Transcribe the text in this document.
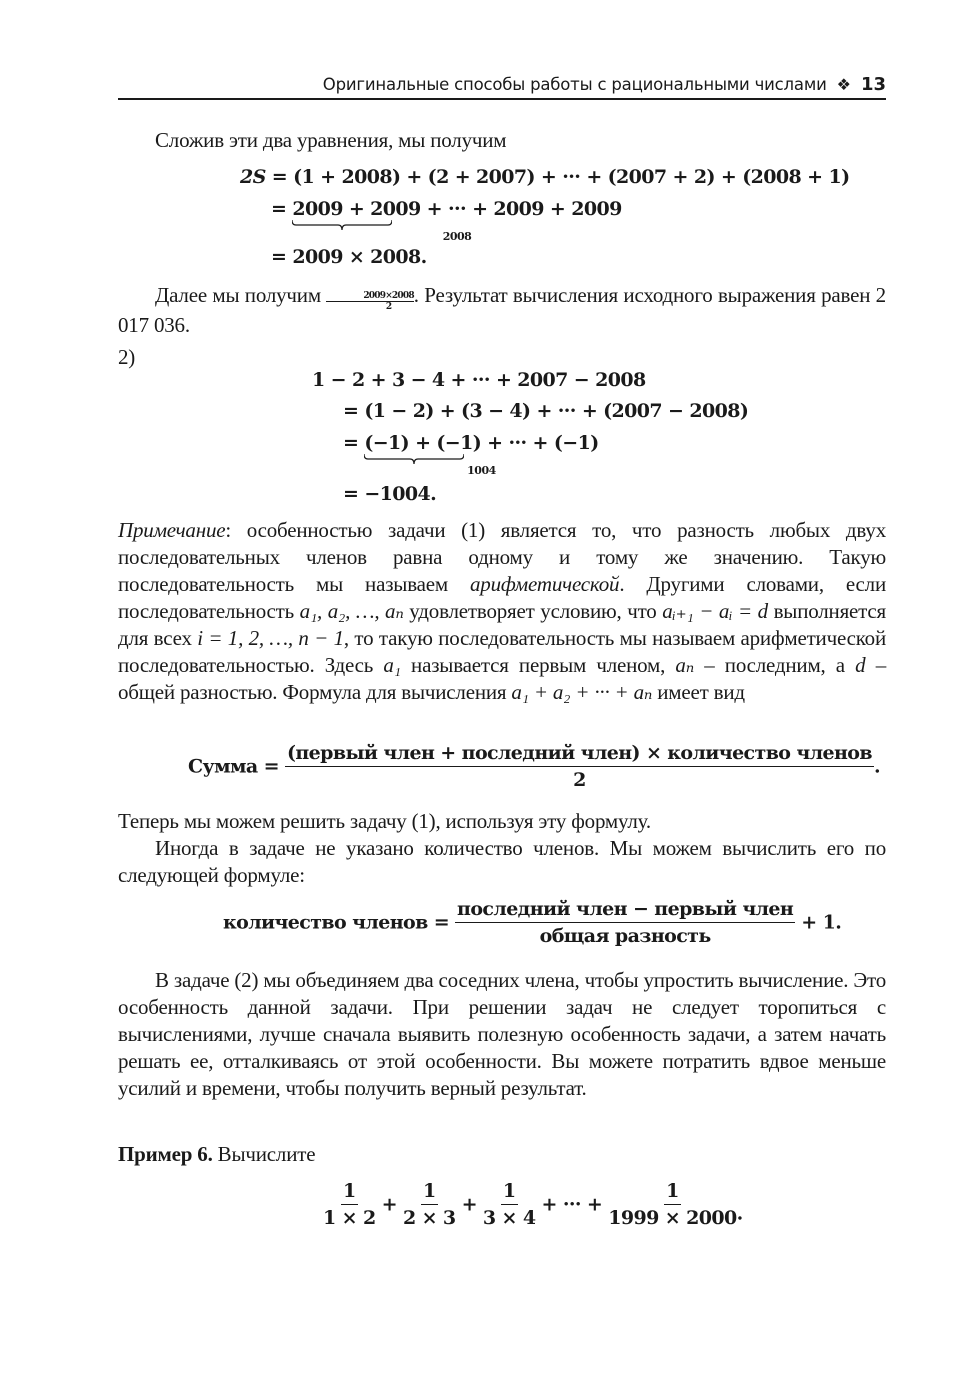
Оригинальные способы работы с рациональными числами ❖ 13
Сложив эти два уравнения, мы получим
2S = (1 + 2008) + (2 + 2007) + ··· + (2007 + 2) + (2008 + 1)
= 2009 + 2009 + ··· + 2009 + 2009
2008
= 2009 × 2008.
Далее мы получим $\frac{2009\times 2008}{2}$ . Результат вычисления исходного выражения равен 2 017 036.
2)
1 − 2 + 3 − 4 + ··· + 2007 − 2008
= (1 − 2) + (3 − 4) + ··· + (2007 − 2008)
= (−1) + (−1) + ··· + (−1)
1004
= −1004.
Примечание: особенностью задачи (1) является то, что разность любых двух последовательных членов равна одному и тому же значению. Такую последовательность мы называем арифметической. Другими словами, если последовательность a₁, a₂, …, aₙ удовлетворяет условию, что aᵢ₊₁ − aᵢ = d выполняется для всех i = 1, 2, …, n − 1, то такую последовательность мы называем арифметической последовательностью. Здесь a₁ называется первым членом, aₙ – последним, а d – общей разностью. Формула для вычисления a₁ + a₂ + ··· + aₙ имеет вид
Сумма = $\frac{\text{(первый член + последний член) × количество членов}}{2}$ .
Теперь мы можем решить задачу (1), используя эту формулу.
Иногда в задаче не указано количество членов. Мы можем вычислить его по следующей формуле:
количество членов = $\frac{\text{последний член − первый член}}{\text{общая разность}} + 1$.
В задаче (2) мы объединяем два соседних члена, чтобы упростить вычисление. Это особенность данной задачи. При решении задач не следует торопиться с вычислениями, лучше сначала выявить полезную особенность задачи, а затем начать решать ее, отталкиваясь от этой особенности. Вы можете потратить вдвое меньше усилий и времени, чтобы получить верный результат.
Пример 6. Вычислите
$\frac{1}{1 \times 2} + \frac{1}{2 \times 3} + \frac{1}{3 \times 4}$ + ··· + $\frac{1}{1999 \times 2000}$ .
